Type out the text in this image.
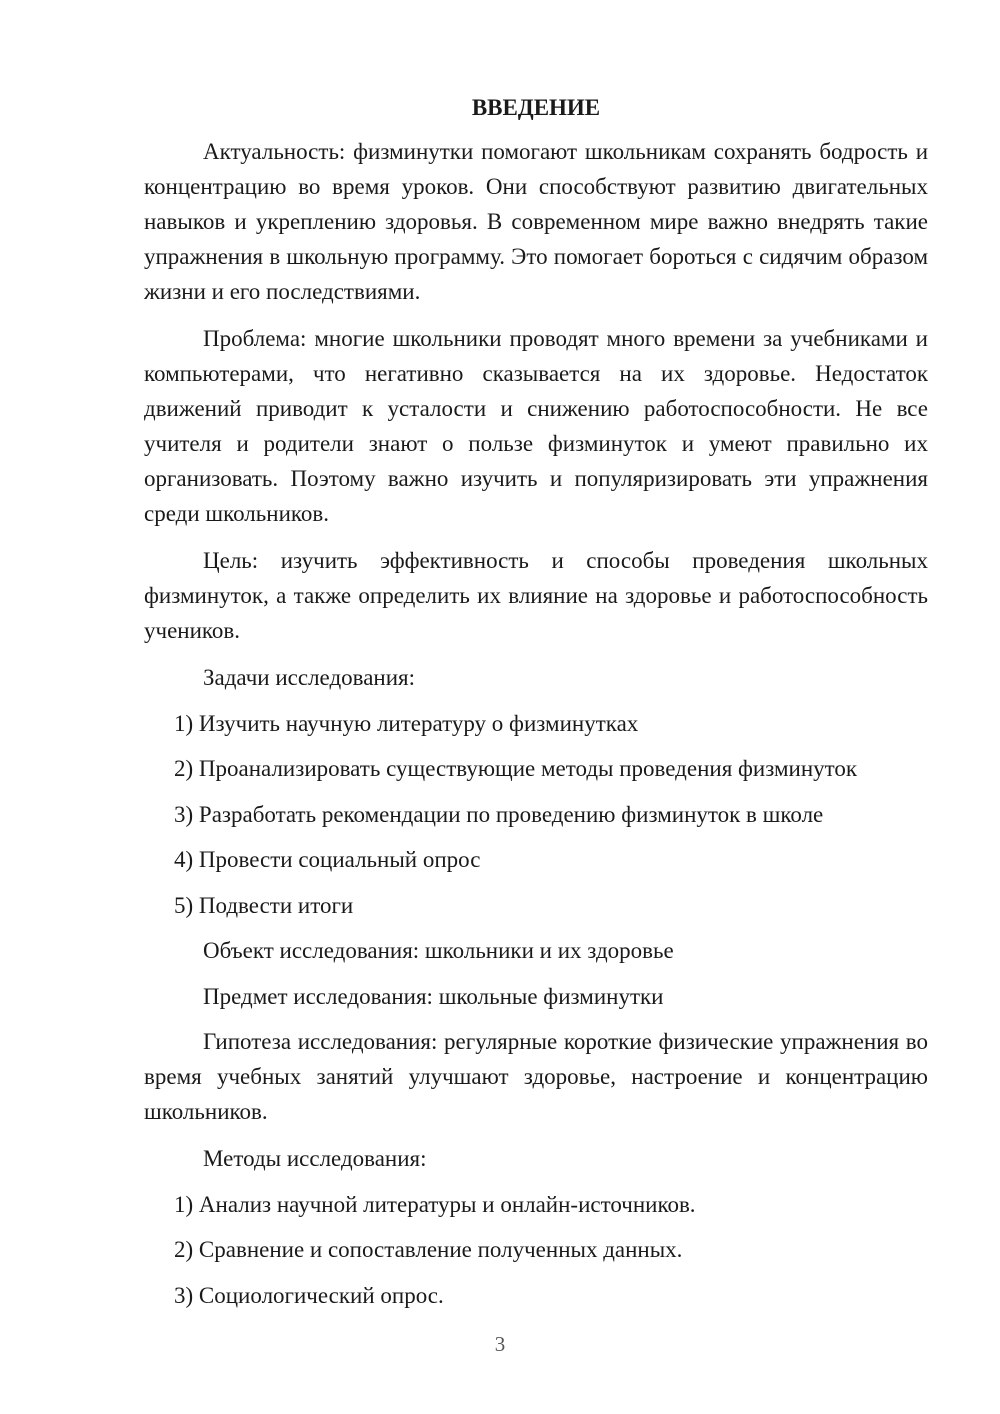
ВВЕДЕНИЕ

Актуальность: физминутки помогают школьникам сохранять бодрость и концентрацию во время уроков. Они способствуют развитию двигательных навыков и укреплению здоровья. В современном мире важно внедрять такие упражнения в школьную программу. Это помогает бороться с сидячим образом жизни и его последствиями.

Проблема: многие школьники проводят много времени за учебниками и компьютерами, что негативно сказывается на их здоровье. Недостаток движений приводит к усталости и снижению работоспособности. Не все учителя и родители знают о пользе физминуток и умеют правильно их организовать. Поэтому важно изучить и популяризировать эти упражнения среди школьников.

Цель: изучить эффективность и способы проведения школьных физминуток, а также определить их влияние на здоровье и работоспособность учеников.

Задачи исследования:
1) Изучить научную литературу о физминутках
2) Проанализировать существующие методы проведения физминуток
3) Разработать рекомендации по проведению физминуток в школе
4) Провести социальный опрос
5) Подвести итоги
Объект исследования: школьники и их здоровье
Предмет исследования: школьные физминутки

Гипотеза исследования: регулярные короткие физические упражнения во время учебных занятий улучшают здоровье, настроение и концентрацию школьников.

Методы исследования:
1) Анализ научной литературы и онлайн-источников.
2) Сравнение и сопоставление полученных данных.
3) Социологический опрос.
3
